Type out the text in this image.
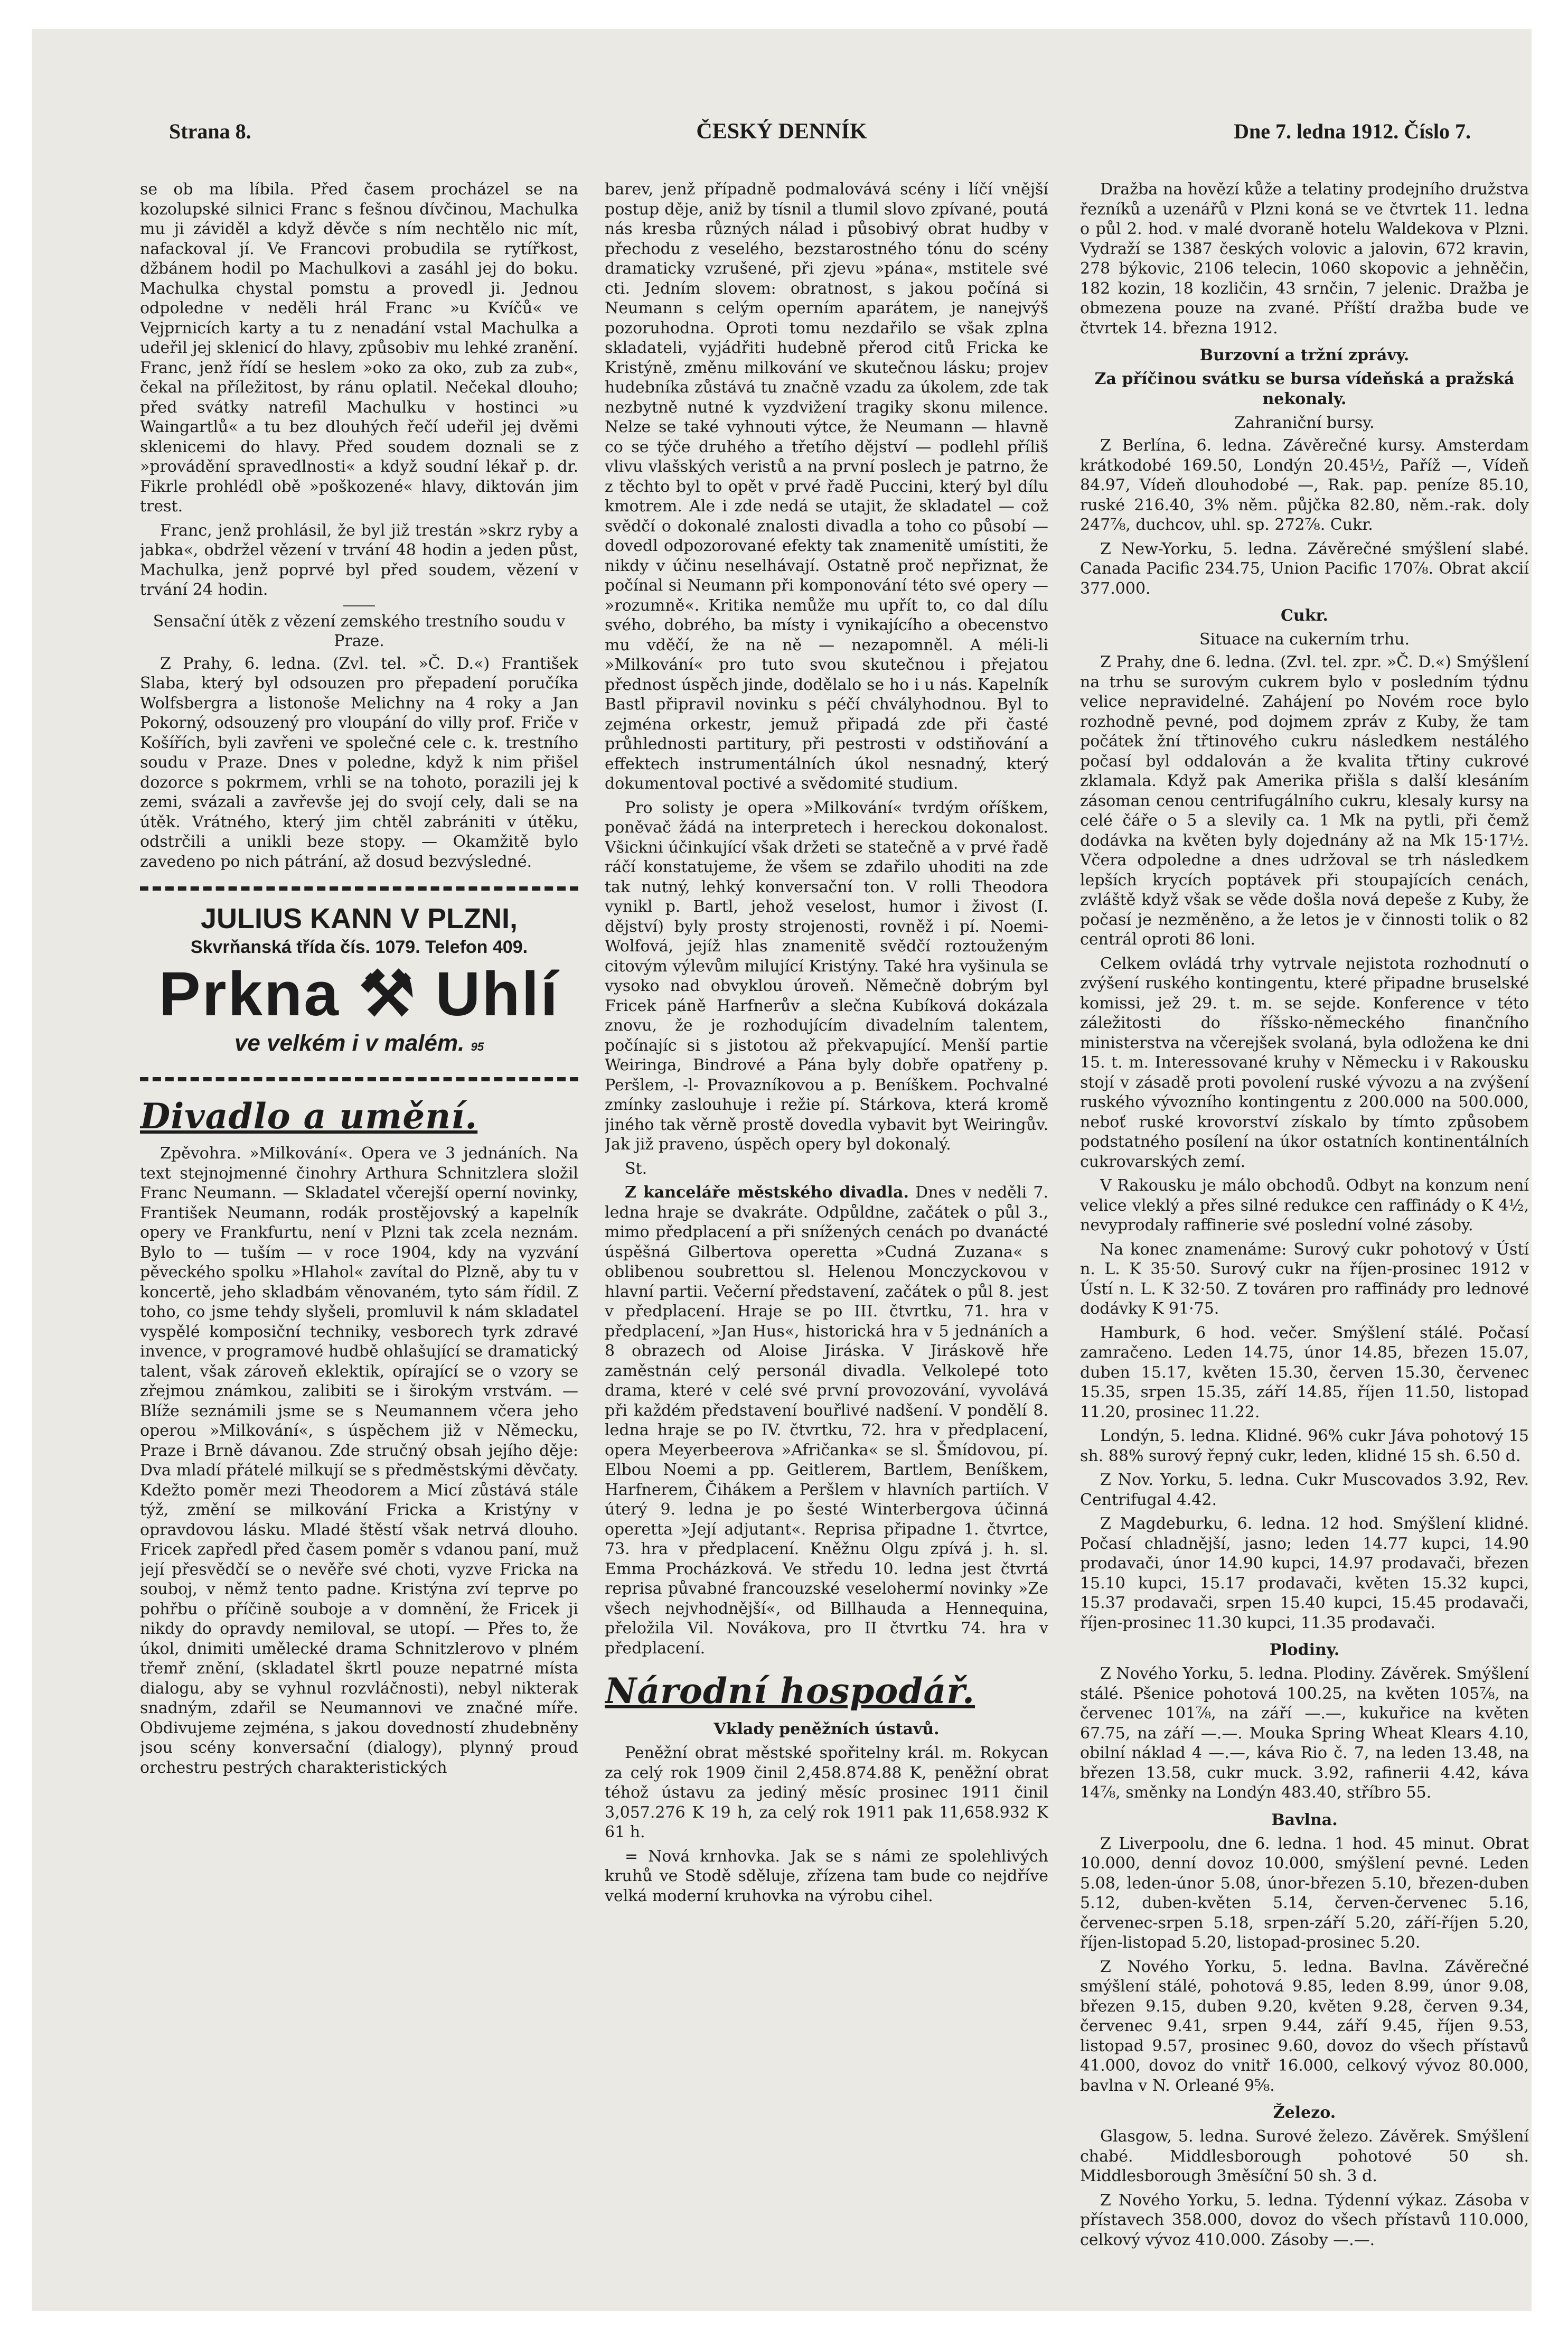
Strana 8.	ČESKÝ DENNÍK	Dne 7. ledna 1912. Číslo 7.

se ob ma líbila. Před časem procházel se na kozolupské silnici Franc s fešnou dívčinou, Machulka mu ji záviděl a když děvče s ním nechtělo nic mít, nafackoval jí. Ve Francovi probudila se rytířkost, džbánem hodil po Machulkovi a zasáhl jej do boku. Machulka chystal pomstu a provedl ji. Jednou odpoledne v neděli hrál Franc »u Kvíčů« ve Vejprnicích karty a tu z nenadání vstal Machulka a udeřil jej sklenicí do hlavy, způsobiv mu lehké zranění. Franc, jenž řídí se heslem »oko za oko, zub za zub«, čekal na příležitost, by ránu oplatil. Nečekal dlouho; před svátky natrefil Machulku v hostinci »u Waingartlů« a tu bez dlouhých řečí udeřil jej dvěmi sklenicemi do hlavy. Před soudem doznali se z »provádění spravedlnosti« a když soudní lékař p. dr. Fikrle prohlédl obě »poškozené« hlavy, diktován jim trest.

Franc, jenž prohlásil, že byl již trestán »skrz ryby a jabka«, obdržel vězení v trvání 48 hodin a jeden půst, Machulka, jenž poprvé byl před soudem, vězení v trvání 24 hodin.

Sensační útěk z vězení zemského trestního soudu v Praze.

Z Prahy, 6. ledna. (Zvl. tel. »Č. D.«) František Slaba, který byl odsouzen pro přepadení poručíka Wolfsbergra a listonoše Melichny na 4 roky a Jan Pokorný, odsouzený pro vloupání do villy prof. Friče v Košířích, byli zavřeni ve společné cele c. k. trestního soudu v Praze. Dnes v poledne, když k nim přišel dozorce s pokrmem, vrhli se na tohoto, porazili jej k zemi, svázali a zavřevše jej do svojí cely, dali se na útěk. Vrátného, který jim chtěl zabrániti v útěku, odstrčili a unikli beze stopy. — Okamžitě bylo zavedeno po nich pátrání, až dosud bezvýsledné.

JULIUS KANN V PLZNI,
Skvrňanská třída čís. 1079. Telefon 409.
Prkna ⚒ Uhlí
ve velkém i v malém. 95
Divadlo a umění.

Zpěvohra. »Milkování«. Opera ve 3 jednáních. Na text stejnojmenné činohry Arthura Schnitzlera složil Franc Neumann. — Skladatel včerejší operní novinky, František Neumann, rodák prostějovský a kapelník opery ve Frankfurtu, není v Plzni tak zcela neznám. Bylo to — tuším — v roce 1904, kdy na vyzvání pěveckého spolku »Hlahol« zavítal do Plzně, aby tu v koncertě, jeho skladbám věnovaném, tyto sám řídil. Z toho, co jsme tehdy slyšeli, promluvil k nám skladatel vyspělé komposiční techniky, vesborech tyrk zdravé invence, v programové hudbě ohlašující se dramatický talent, však zároveň eklektik, opírající se o vzory se zřejmou známkou, zalibiti se i širokým vrstvám. — Blíže seznámili jsme se s Neumannem včera jeho operou »Milkování«, s úspěchem již v Německu, Praze i Brně dávanou. Zde stručný obsah jejího děje: Dva mladí přátelé milkují se s předměstskými děvčaty. Kdežto poměr mezi Theodorem a Micí zůstává stále týž, změní se milkování Fricka a Kristýny v opravdovou lásku. Mladé štěstí však netrvá dlouho. Fricek zapředl před časem poměr s vdanou paní, muž její přesvědčí se o nevěře své choti, vyzve Fricka na souboj, v němž tento padne. Kristýna zví teprve po pohřbu o příčině souboje a v domnění, že Fricek ji nikdy do opravdy nemiloval, se utopí. — Přes to, že úkol, dnimiti umělecké drama Schnitzlerovo v plném třemř znění, (skladatel škrtl pouze nepatrné místa dialogu, aby se vyhnul rozvláčnosti), nebyl nikterak snadným, zdařil se Neumannovi ve značné míře. Obdivujeme zejména, s jakou dovedností zhudebněny jsou scény konversační (dialogy), plynný proud orchestru pestrých charakteristických

barev, jenž případně podmalovává scény i líčí vnější postup děje, aniž by tísnil a tlumil slovo zpívané, poutá nás kresba různých nálad i působivý obrat hudby v přechodu z veselého, bezstarostného tónu do scény dramaticky vzrušené, při zjevu »pána«, mstitele své cti. Jedním slovem: obratnost, s jakou počíná si Neumann s celým operním aparátem, je nanejvýš pozoruhodna. Oproti tomu nezdařilo se však zplna skladateli, vyjádřiti hudebně přerod citů Fricka ke Kristýně, změnu milkování ve skutečnou lásku; projev hudebníka zůstává tu značně vzadu za úkolem, zde tak nezbytně nutné k vyzdvižení tragiky skonu milence. Nelze se také vyhnouti výtce, že Neumann — hlavně co se týče druhého a třetího dějství — podlehl příliš vlivu vlašských veristů a na první poslech je patrno, že z těchto byl to opět v prvé řadě Puccini, který byl dílu kmotrem. Ale i zde nedá se utajit, že skladatel — což svědčí o dokonalé znalosti divadla a toho co působí — dovedl odpozorované efekty tak znamenitě umístiti, že nikdy v účinu neselhávají. Ostatně proč nepřiznat, že počínal si Neumann při komponování této své opery — »rozumně«. Kritika nemůže mu upřít to, co dal dílu svého, dobrého, ba místy i vynikajícího a obecenstvo mu vděčí, že na ně — nezapomněl. A méli-li »Milkování« pro tuto svou skutečnou i přejatou přednost úspěch jinde, dodělalo se ho i u nás. Kapelník Bastl připravil novinku s péčí chvályhodnou. Byl to zejména orkestr, jemuž připadá zde při časté průhlednosti partitury, při pestrosti v odstiňování a effektech instrumentálních úkol nesnadný, který dokumentoval poctivé a svědomité studium.

Pro solisty je opera »Milkování« tvrdým oříškem, poněvač žádá na interpretech i hereckou dokonalost. Všickni účinkující však držeti se statečně a v prvé řadě ráčí konstatujeme, že všem se zdařilo uhoditi na zde tak nutný, lehký konversační ton. V rolli Theodora vynikl p. Bartl, jehož veselost, humor i živost (I. dějství) byly prosty strojenosti, rovněž i pí. Noemi-Wolfová, jejíž hlas znamenitě svědčí roztouženým citovým výlevům milující Kristýny. Také hra vyšinula se vysoko nad obvyklou úroveň. Němečně dobrým byl Fricek páně Harfnerův a slečna Kubíková dokázala znovu, že je rozhodujícím divadelním talentem, počínajíc si s jistotou až překvapující. Menší partie Weiringa, Bindrové a Pána byly dobře opatřeny p. Peršlem, -l- Provazníkovou a p. Beníškem. Pochvalné zmínky zaslouhuje i režie pí. Stárkova, která kromě jiného tak věrně prostě dovedla vybavit byt Weiringův. Jak již praveno, úspěch opery byl dokonalý.

St.

Z kanceláře městského divadla. Dnes v neděli 7. ledna hraje se dvakráte. Odpůldne, začátek o půl 3., mimo předplacení a při snížených cenách po dvanácté úspěšná Gilbertova operetta »Cudná Zuzana« s oblibenou soubrettou sl. Helenou Monczyckovou v hlavní partii. Večerní představení, začátek o půl 8. jest v předplacení. Hraje se po III. čtvrtku, 71. hra v předplacení, »Jan Hus«, historická hra v 5 jednáních a 8 obrazech od Aloise Jiráska. V Jiráskově hře zaměstnán celý personál divadla. Velkolepé toto drama, které v celé své první provozování, vyvolává při každém představení bouřlivé nadšení. V pondělí 8. ledna hraje se po IV. čtvrtku, 72. hra v předplacení, opera Meyerbeerova »Afričanka« se sl. Šmídovou, pí. Elbou Noemi a pp. Geitlerem, Bartlem, Beníškem, Harfnerem, Čihákem a Peršlem v hlavních partiích. V úterý 9. ledna je po šesté Winterbergova účinná operetta »Její adjutant«. Reprisa připadne 1. čtvrtce, 73. hra v předplacení. Kněžnu Olgu zpívá j. h. sl. Emma Procházková. Ve středu 10. ledna jest čtvrtá reprisa půvabné francouzské veselohermí novinky »Ze všech nejvhodnější«, od Billhauda a Hennequina, přeložila Vil. Novákova, pro II čtvrtku 74. hra v předplacení.

Národní hospodář.
Vklady peněžních ústavů.

Peněžní obrat městské spořitelny král. m. Rokycan za celý rok 1909 činil 2,458.874.88 K, peněžní obrat téhož ústavu za jediný měsíc prosinec 1911 činil 3,057.276 K 19 h, za celý rok 1911 pak 11,658.932 K 61 h.

= Nová krnhovka. Jak se s námi ze spolehlivých kruhů ve Stodě sděluje, zřízena tam bude co nejdříve velká moderní kruhovka na výrobu cihel.

Dražba na hovězí kůže a telatiny prodejního družstva řezníků a uzenářů v Plzni koná se ve čtvrtek 11. ledna o půl 2. hod. v malé dvoraně hotelu Waldekova v Plzni. Vydraží se 1387 českých volovic a jalovin, 672 kravin, 278 býkovic, 2106 telecin, 1060 skopovic a jehněčin, 182 kozin, 18 kozličin, 43 srnčin, 7 jelenic. Dražba je obmezena pouze na zvané. Příští dražba bude ve čtvrtek 14. března 1912.

Burzovní a tržní zprávy.

Za příčinou svátku se bursa vídeňská a pražská nekonaly.

Zahraniční bursy.

Z Berlína, 6. ledna. Závěrečné kursy. Amsterdam krátkodobé 169.50, Londýn 20.45½, Paříž —, Vídeň 84.97, Vídeň dlouhodobé —, Rak. pap. peníze 85.10, ruské 216.40, 3% něm. půjčka 82.80, něm.-rak. doly 247⅞, duchcov, uhl. sp. 272⅞. Cukr.

Z New-Yorku, 5. ledna. Závěrečné smýšlení slabé. Canada Pacific 234.75, Union Pacific 170⅞. Obrat akcií 377.000.

Cukr.
Situace na cukerním trhu.

Z Prahy, dne 6. ledna. (Zvl. tel. zpr. »Č. D.«) Smýšlení na trhu se surovým cukrem bylo v posledním týdnu velice nepravidelné. Zahájení po Novém roce bylo rozhodně pevné, pod dojmem zpráv z Kuby, že tam počátek žní třtinového cukru následkem nestálého počasí byl oddalován a že kvalita třtiny cukrové zklamala. Když pak Amerika přišla s další klesáním zásoman cenou centrifugálního cukru, klesaly kursy na celé čáře o 5 a slevily ca. 1 Mk na pytli, při čemž dodávka na květen byly dojednány až na Mk 15·17½. Včera odpoledne a dnes udržoval se trh následkem lepších krycích poptávek při stoupajících cenách, zvláště když však se věde došla nová depeše z Kuby, že počasí je nezměněno, a že letos je v činnosti tolik o 82 centrál oproti 86 loni.

Celkem ovládá trhy vytrvale nejistota rozhodnutí o zvýšení ruského kontingentu, které připadne bruselské komissi, jež 29. t. m. se sejde. Konference v této záležitosti do říšsko-německého finančního ministerstva na včerejšek svolaná, byla odložena ke dni 15. t. m. Interessované kruhy v Německu i v Rakousku stojí v zásadě proti povolení ruské vývozu a na zvýšení ruského vývozního kontingentu z 200.000 na 500.000, neboť ruské krovorství získalo by tímto způsobem podstatného posílení na úkor ostatních kontinentálních cukrovarských zemí.

V Rakousku je málo obchodů. Odbyt na konzum není velice vleklý a přes silné redukce cen raffinády o K 4½, nevyprodaly raffinerie své poslední volné zásoby.

Na konec znamenáme: Surový cukr pohotový v Ústí n. L. K 35·50. Surový cukr na říjen-prosinec 1912 v Ústí n. L. K 32·50. Z továren pro raffinády pro lednové dodávky K 91·75.

Hamburk, 6 hod. večer. Smýšlení stálé. Počasí zamračeno. Leden 14.75, únor 14.85, březen 15.07, duben 15.17, květen 15.30, červen 15.30, červenec 15.35, srpen 15.35, září 14.85, říjen 11.50, listopad 11.20, prosinec 11.22.

Londýn, 5. ledna. Klidné. 96% cukr Jáva pohotový 15 sh. 88% surový řepný cukr, leden, klidné 15 sh. 6.50 d.

Z Nov. Yorku, 5. ledna. Cukr Muscovados 3.92, Rev. Centrifugal 4.42.

Z Magdeburku, 6. ledna. 12 hod. Smýšlení klidné. Počasí chladnější, jasno; leden 14.77 kupci, 14.90 prodavači, únor 14.90 kupci, 14.97 prodavači, březen 15.10 kupci, 15.17 prodavači, květen 15.32 kupci, 15.37 prodavači, srpen 15.40 kupci, 15.45 prodavači, říjen-prosinec 11.30 kupci, 11.35 prodavači.

Plodiny.

Z Nového Yorku, 5. ledna. Plodiny. Závěrek. Smýšlení stálé. Pšenice pohotová 100.25, na květen 105⅞, na červenec 101⅞, na září —.—, kukuřice na květen 67.75, na září —.—. Mouka Spring Wheat Klears 4.10, obilní náklad 4 —.—, káva Rio č. 7, na leden 13.48, na březen 13.58, cukr muck. 3.92, rafinerii 4.42, káva 14⅞, směnky na Londýn 483.40, stříbro 55.

Bavlna.

Z Liverpoolu, dne 6. ledna. 1 hod. 45 minut. Obrat 10.000, denní dovoz 10.000, smýšlení pevné. Leden 5.08, leden-únor 5.08, únor-březen 5.10, březen-duben 5.12, duben-květen 5.14, červen-červenec 5.16, červenec-srpen 5.18, srpen-září 5.20, září-říjen 5.20, říjen-listopad 5.20, listopad-prosinec 5.20.

Z Nového Yorku, 5. ledna. Bavlna. Závěrečné smýšlení stálé, pohotová 9.85, leden 8.99, únor 9.08, březen 9.15, duben 9.20, květen 9.28, červen 9.34, červenec 9.41, srpen 9.44, září 9.45, říjen 9.53, listopad 9.57, prosinec 9.60, dovoz do všech přístavů 41.000, dovoz do vnitř 16.000, celkový vývoz 80.000, bavlna v N. Orleané 9⅝.

Železo.

Glasgow, 5. ledna. Surové železo. Závěrek. Smýšlení chabé. Middlesborough pohotové 50 sh. Middlesborough 3měsíční 50 sh. 3 d.

Z Nového Yorku, 5. ledna. Týdenní výkaz. Zásoba v přístavech 358.000, dovoz do všech přístavů 110.000, celkový vývoz 410.000. Zásoby —.—.
